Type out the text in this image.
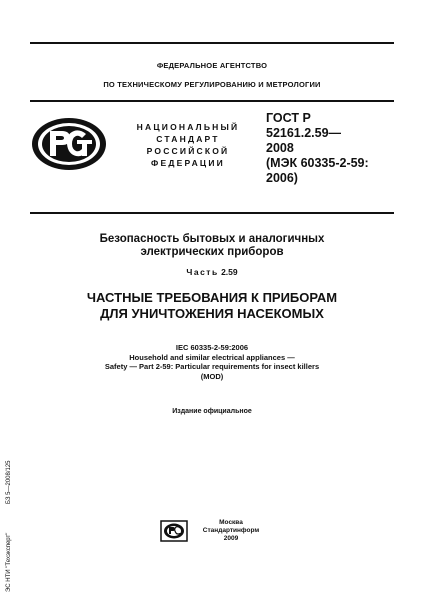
ФЕДЕРАЛЬНОЕ АГЕНТСТВО
ПО ТЕХНИЧЕСКОМУ РЕГУЛИРОВАНИЮ И МЕТРОЛОГИИ
НАЦИОНАЛЬНЫЙ
СТАНДАРТ
РОССИЙСКОЙ
ФЕДЕРАЦИИ
ГОСТ Р
52161.2.59—
2008
(МЭК 60335-2-59:
2006)
Безопасность бытовых и аналогичных
электрических приборов
Часть 2.59
ЧАСТНЫЕ ТРЕБОВАНИЯ К ПРИБОРАМ
ДЛЯ УНИЧТОЖЕНИЯ НАСЕКОМЫХ
IEC 60335-2-59:2006
Household and similar electrical appliances —
Safety — Part 2-59: Particular requirements for insect killers
(MOD)
Издание официальное
Москва
Стандартинформ
2009
БЗ 5—2008/125
ЭС НТИ "Техэксперт"
